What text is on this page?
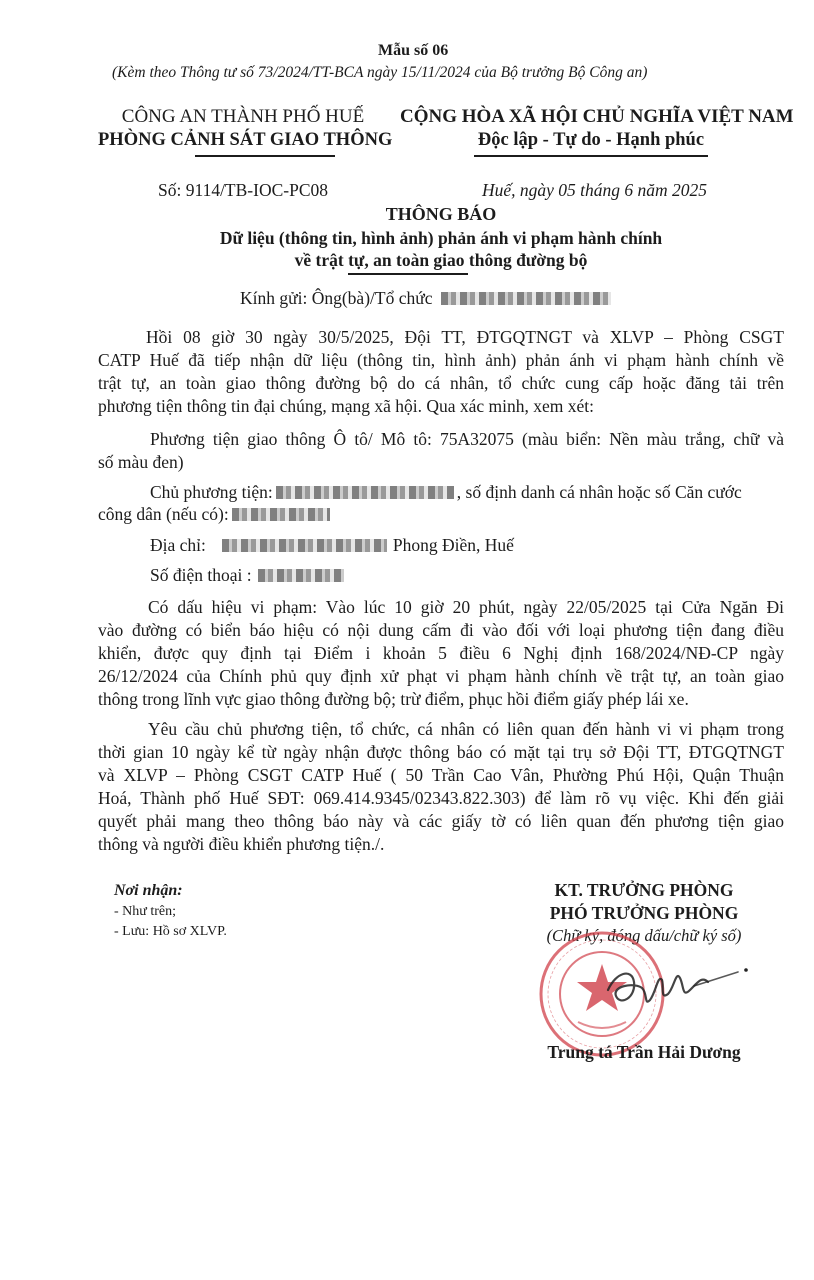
Mẫu số 06
(Kèm theo Thông tư số 73/2024/TT-BCA ngày 15/11/2024 của Bộ trưởng Bộ Công an)
CÔNG AN THÀNH PHỐ HUẾ
PHÒNG CẢNH SÁT GIAO THÔNG
CỘNG HÒA XÃ HỘI CHỦ NGHĨA VIỆT NAM
Độc lập - Tự do - Hạnh phúc
Số: 9114/TB-IOC-PC08	Huế, ngày 05 tháng 6 năm 2025
THÔNG BÁO
Dữ liệu (thông tin, hình ảnh) phản ánh vi phạm hành chính
về trật tự, an toàn giao thông đường bộ
Kính gửi: Ông(bà)/Tổ chức
Hồi 08 giờ 30 ngày 30/5/2025, Đội TT, ĐTGQTNGT và XLVP – Phòng CSGT
CATP Huế đã tiếp nhận dữ liệu (thông tin, hình ảnh) phản ánh vi phạm hành chính về
trật tự, an toàn giao thông đường bộ do cá nhân, tổ chức cung cấp hoặc đăng tải trên
phương tiện thông tin đại chúng, mạng xã hội. Qua xác minh, xem xét:
Phương tiện giao thông Ô tô/ Mô tô: 75A32075 (màu biển: Nền màu trắng, chữ và
số màu đen)
Chủ phương tiện:	, số định danh cá nhân hoặc số Căn cước
công dân (nếu có):
Địa chỉ:	Phong Điền, Huế
Số điện thoại :
Có dấu hiệu vi phạm: Vào lúc 10 giờ 20 phút, ngày 22/05/2025 tại Cửa Ngăn Đi
vào đường có biển báo hiệu có nội dung cấm đi vào đối với loại phương tiện đang điều
khiển, được quy định tại Điểm i khoản 5 điều 6 Nghị định 168/2024/NĐ-CP ngày
26/12/2024 của Chính phủ quy định xử phạt vi phạm hành chính về trật tự, an toàn giao
thông trong lĩnh vực giao thông đường bộ; trừ điểm, phục hồi điểm giấy phép lái xe.
Yêu cầu chủ phương tiện, tổ chức, cá nhân có liên quan đến hành vi vi phạm trong
thời gian 10 ngày kể từ ngày nhận được thông báo có mặt tại trụ sở Đội TT, ĐTGQTNGT
và XLVP – Phòng CSGT CATP Huế ( 50 Trần Cao Vân, Phường Phú Hội, Quận Thuận
Hoá, Thành phố Huế SĐT: 069.414.9345/02343.822.303) để làm rõ vụ việc. Khi đến giải
quyết phải mang theo thông báo này và các giấy tờ có liên quan đến phương tiện giao
thông và người điều khiển phương tiện./.
Nơi nhận:
- Như trên;
- Lưu: Hồ sơ XLVP.
KT. TRƯỞNG PHÒNG
PHÓ TRƯỞNG PHÒNG
(Chữ ký, đóng dấu/chữ ký số)
Trung tá Trần Hải Dương
